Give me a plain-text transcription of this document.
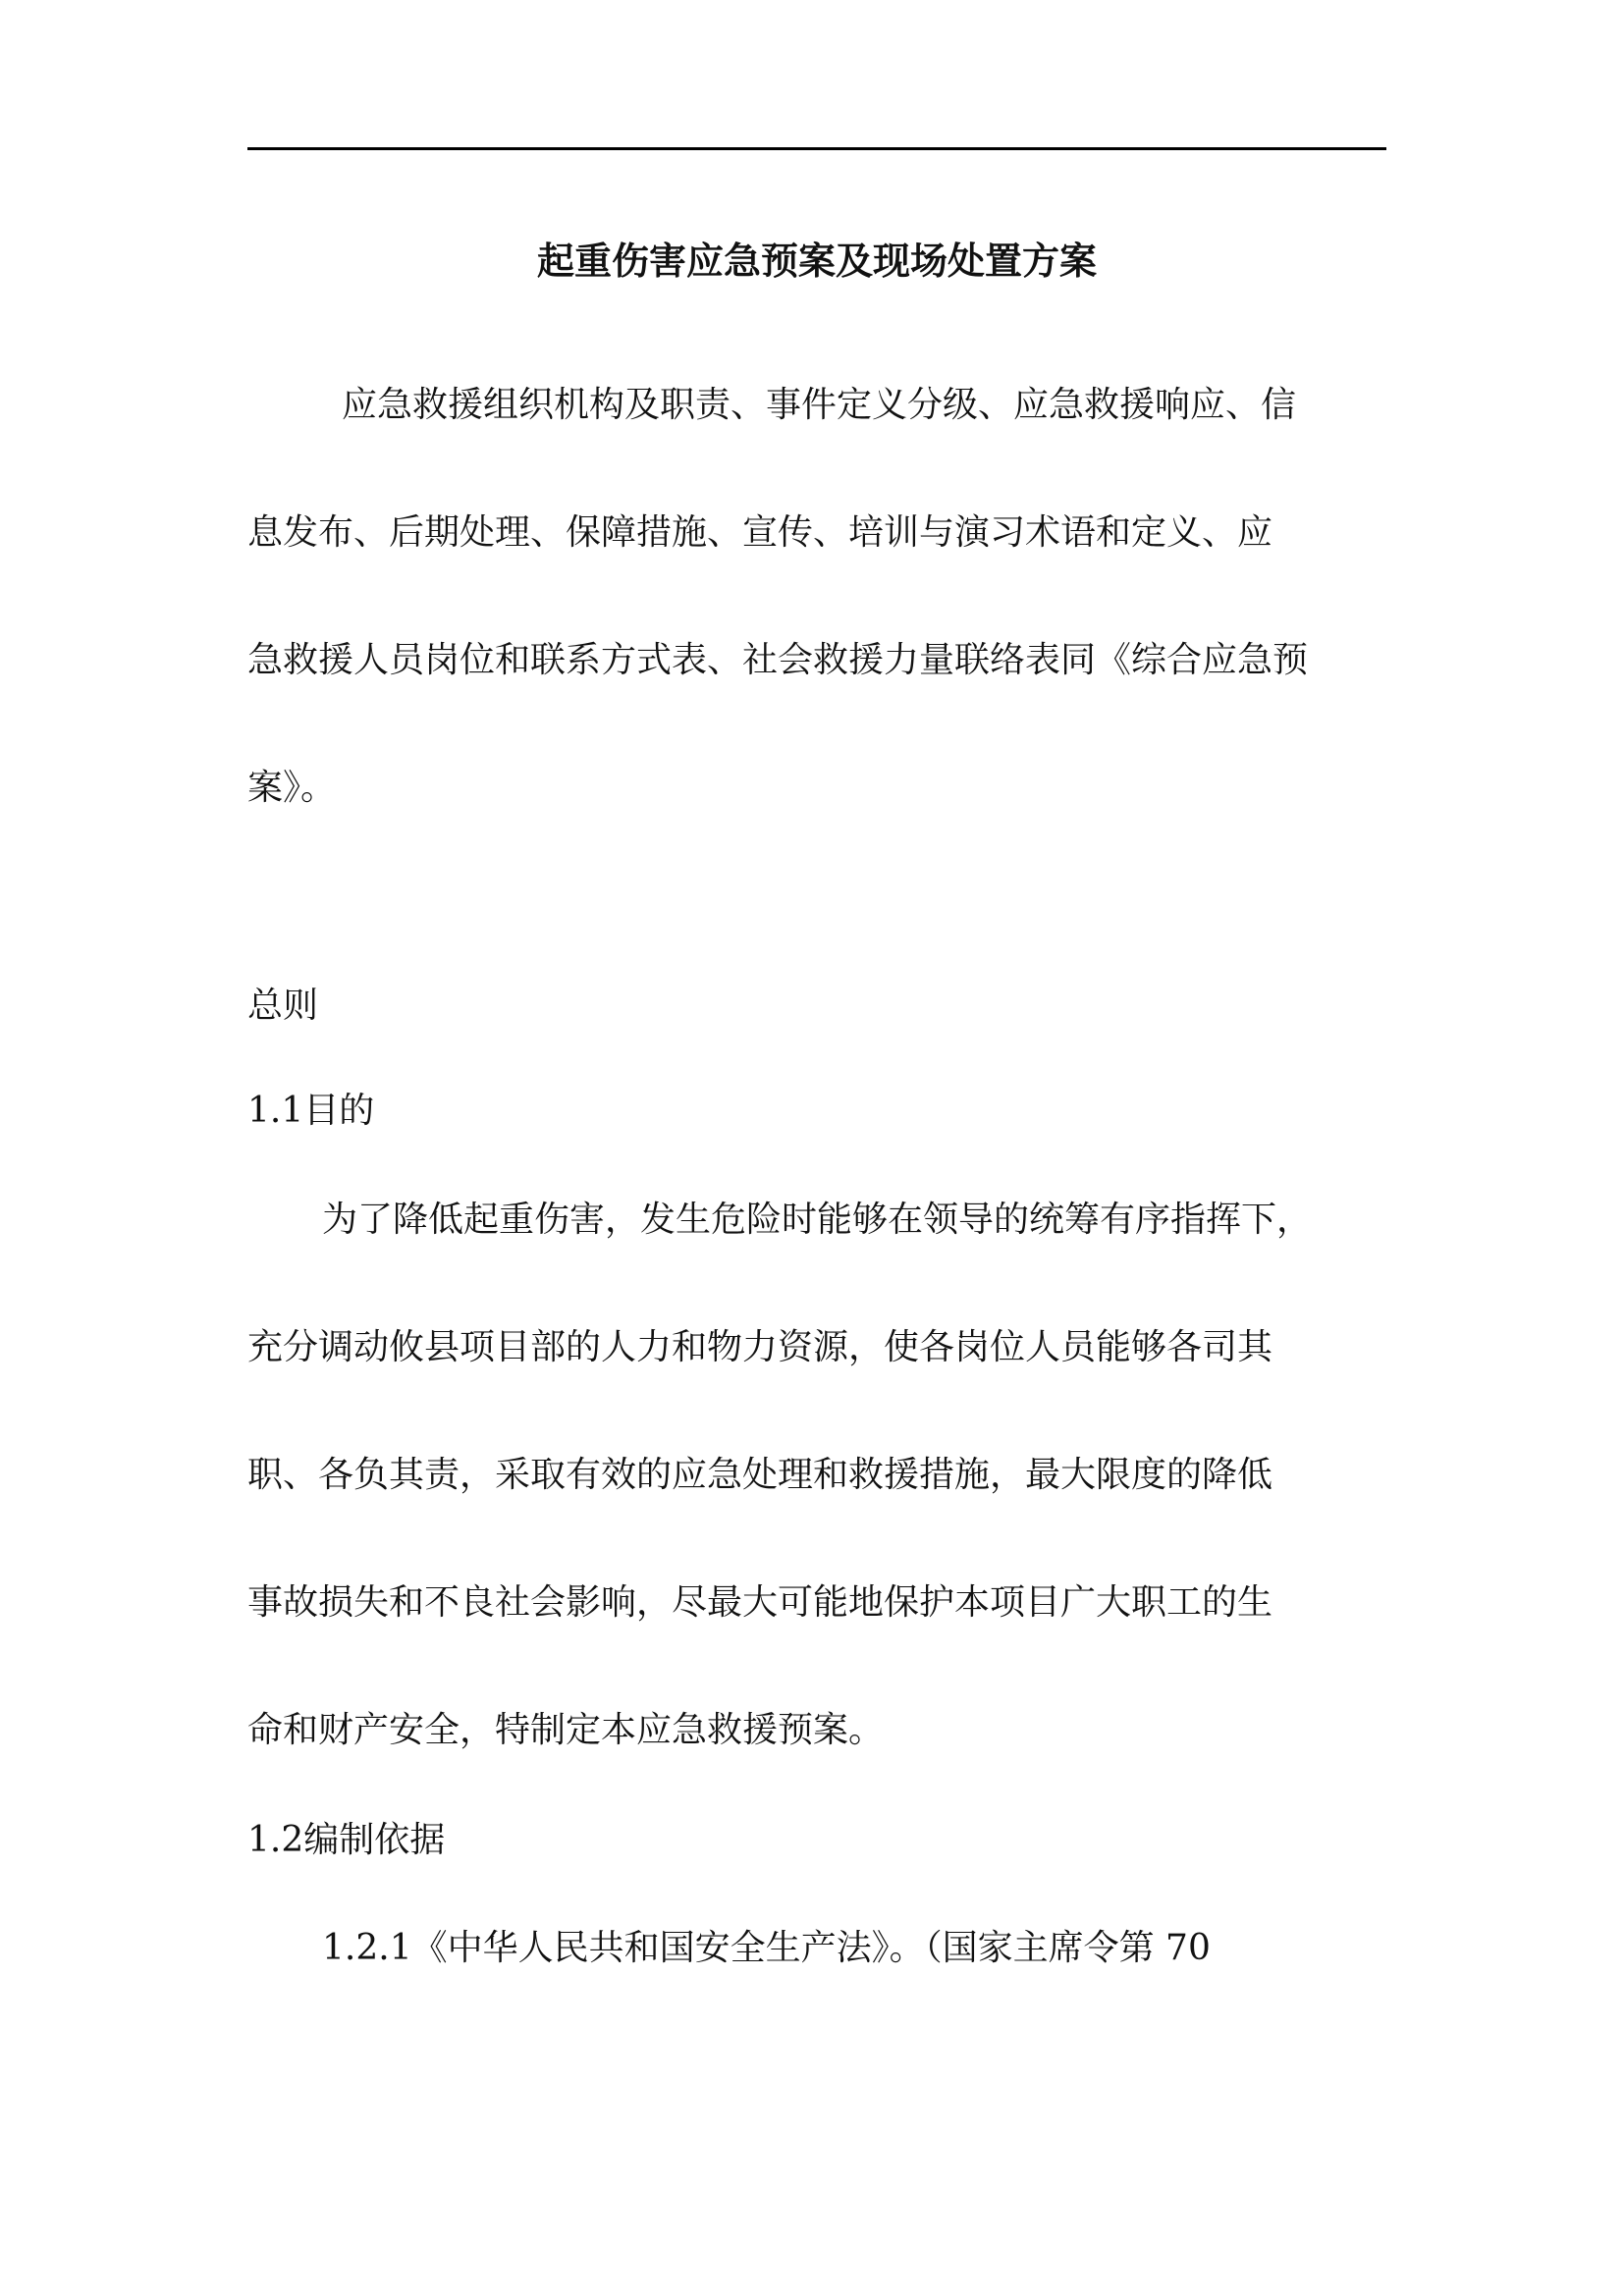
起重伤害应急预案及现场处置方案
应急救援组织机构及职责、事件定义分级、应急救援响应、信
息发布、后期处理、保障措施、宣传、培训与演习术语和定义、应
急救援人员岗位和联系方式表、社会救援力量联络表同《综合应急预
案》。
总则
1.1目的
为了降低起重伤害，发生危险时能够在领导的统筹有序指挥下，
充分调动攸县项目部的人力和物力资源，使各岗位人员能够各司其
职、各负其责，采取有效的应急处理和救援措施，最大限度的降低
事故损失和不良社会影响，尽最大可能地保护本项目广大职工的生
命和财产安全，特制定本应急救援预案。
1.2编制依据
1.2.1《中华人民共和国安全生产法》。（国家主席令第 70
